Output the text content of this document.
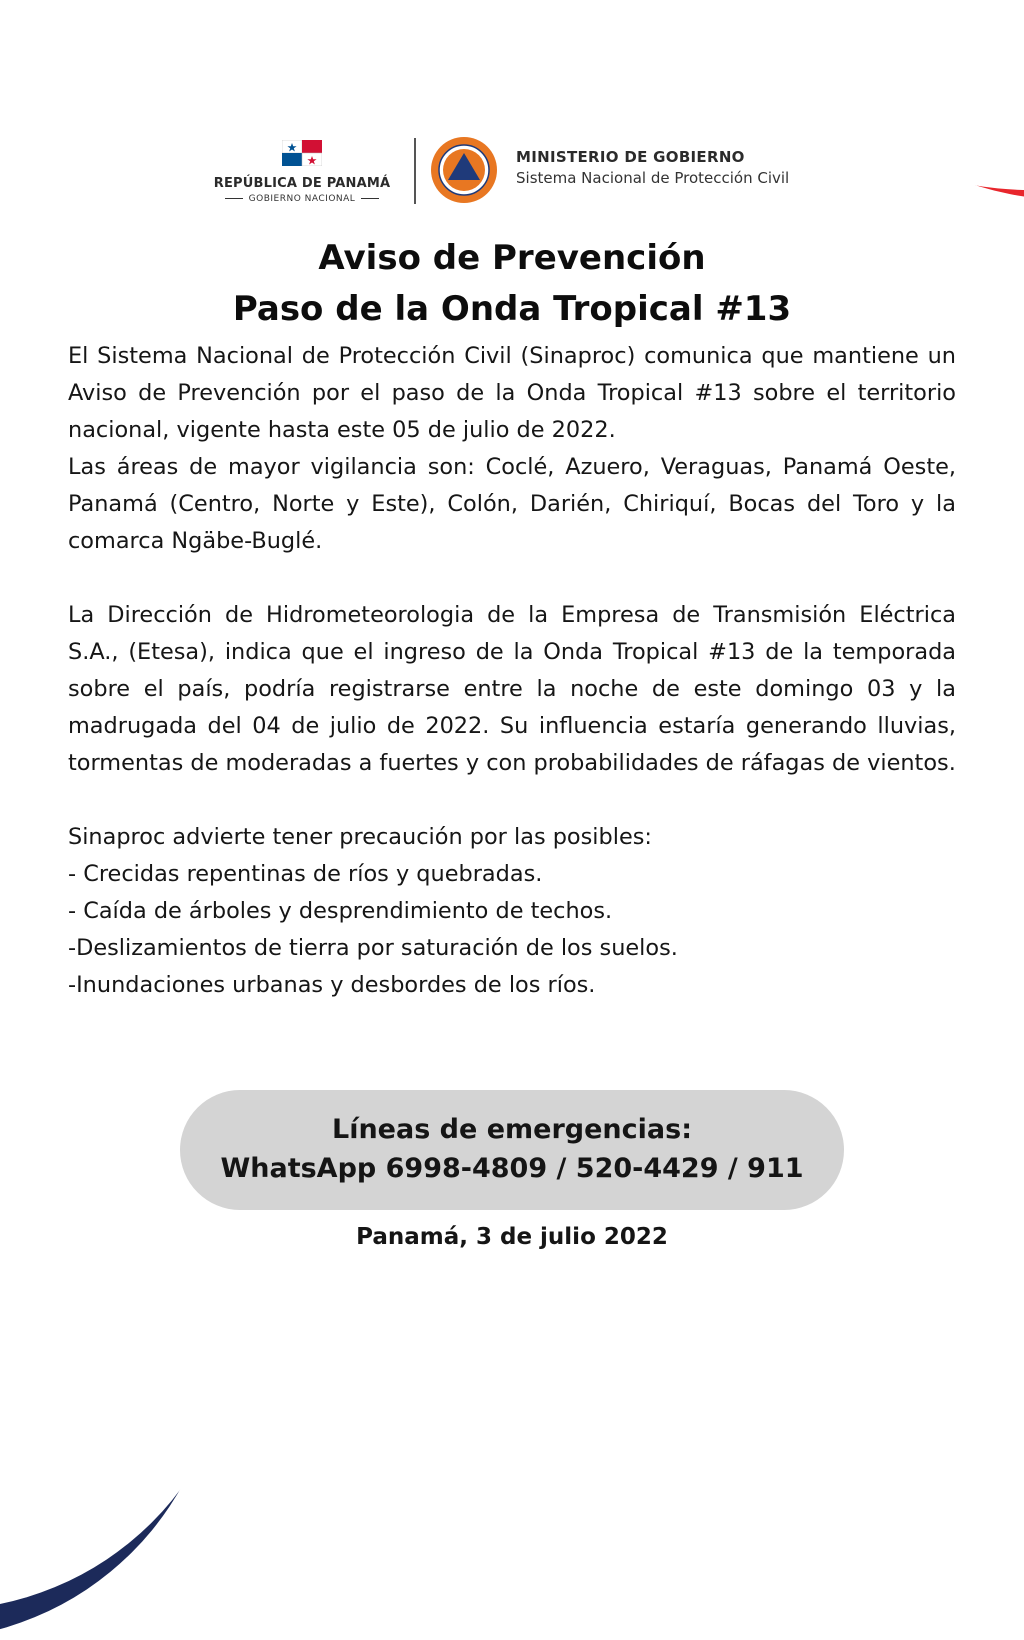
REPÚBLICA DE PANAMÁ
GOBIERNO NACIONAL
MINISTERIO DE GOBIERNO
Sistema Nacional de Protección Civil
Aviso de Prevención
Paso de la Onda Tropical #13

El Sistema Nacional de Protección Civil (Sinaproc) comunica que mantiene un Aviso de Prevención por el paso de la Onda Tropical #13 sobre el territorio nacional, vigente hasta este 05 de julio de 2022.

Las áreas de mayor vigilancia son: Coclé, Azuero, Veraguas, Panamá Oeste, Panamá (Centro, Norte y Este), Colón, Darién, Chiriquí, Bocas del Toro y la comarca Ngäbe-Buglé.

La Dirección de Hidrometeorologia de la Empresa de Transmisión Eléctrica S.A., (Etesa), indica que el ingreso de la Onda Tropical #13 de la temporada sobre el país, podría registrarse entre la noche de este domingo 03 y la madrugada del 04 de julio de 2022. Su influencia estaría generando lluvias, tormentas de moderadas a fuertes y con probabilidades de ráfagas de vientos.

Sinaproc advierte tener precaución por las posibles:

- Crecidas repentinas de ríos y quebradas.

- Caída de árboles y desprendimiento de techos.

-Deslizamientos de tierra por saturación de los suelos.

-Inundaciones urbanas y desbordes de los ríos.

Líneas de emergencias:
WhatsApp 6998-4809 / 520-4429 / 911
Panamá, 3 de julio 2022
